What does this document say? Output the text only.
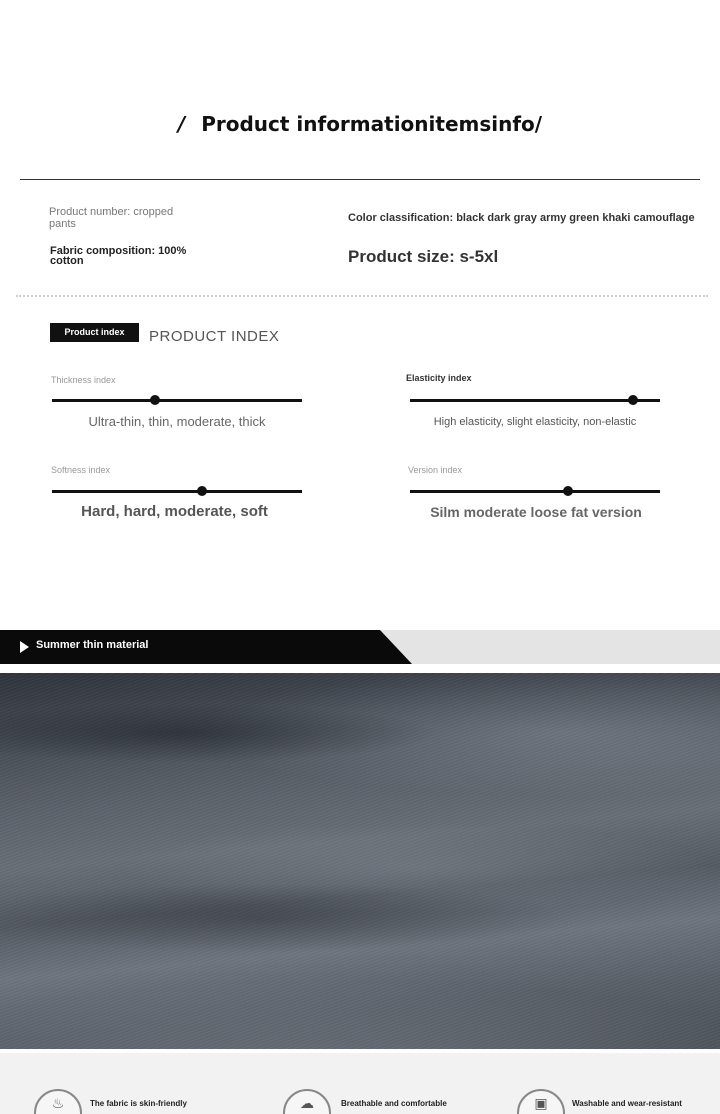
/ Product informationitemsinfo/
Product number: cropped pants
Fabric composition: 100% cotton
Color classification: black dark gray army green khaki camouflage
Product size: s-5xl
Product index	PRODUCT INDEX
Thickness index
Ultra-thin, thin, moderate, thick
Elasticity index
High elasticity, slight elasticity, non-elastic
Softness index
Hard, hard, moderate, soft
Version index
Silm moderate loose fat version
Summer thin material
♨	The fabric is skin-friendly	☁	Breathable and comfortable	▣	Washable and wear-resistant
